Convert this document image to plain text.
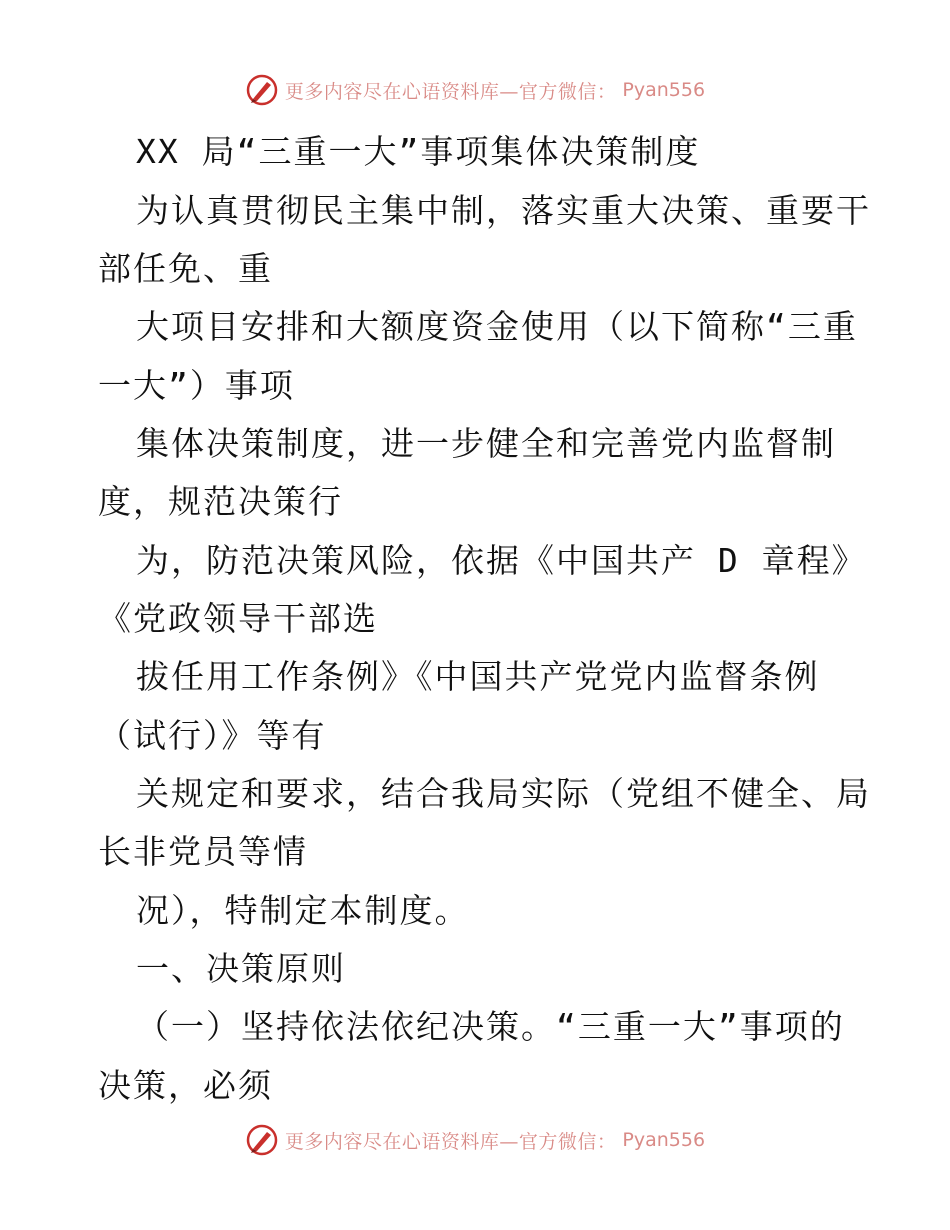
更多内容尽在心语资料库—官方微信： Pyan556
XX 局“三重一大”事项集体决策制度
为认真贯彻民主集中制，落实重大决策、重要干
部任免、重
大项目安排和大额度资金使用（以下简称“三重
一大”）事项
集体决策制度，进一步健全和完善党内监督制
度，规范决策行
为，防范决策风险，依据《中国共产 D 章程》
《党政领导干部选
拔任用工作条例》《中国共产党党内监督条例
（试行）》等有
关规定和要求，结合我局实际（党组不健全、局
长非党员等情
况），特制定本制度。
一、决策原则
（一）坚持依法依纪决策。“三重一大”事项的
决策，必须
更多内容尽在心语资料库—官方微信： Pyan556
